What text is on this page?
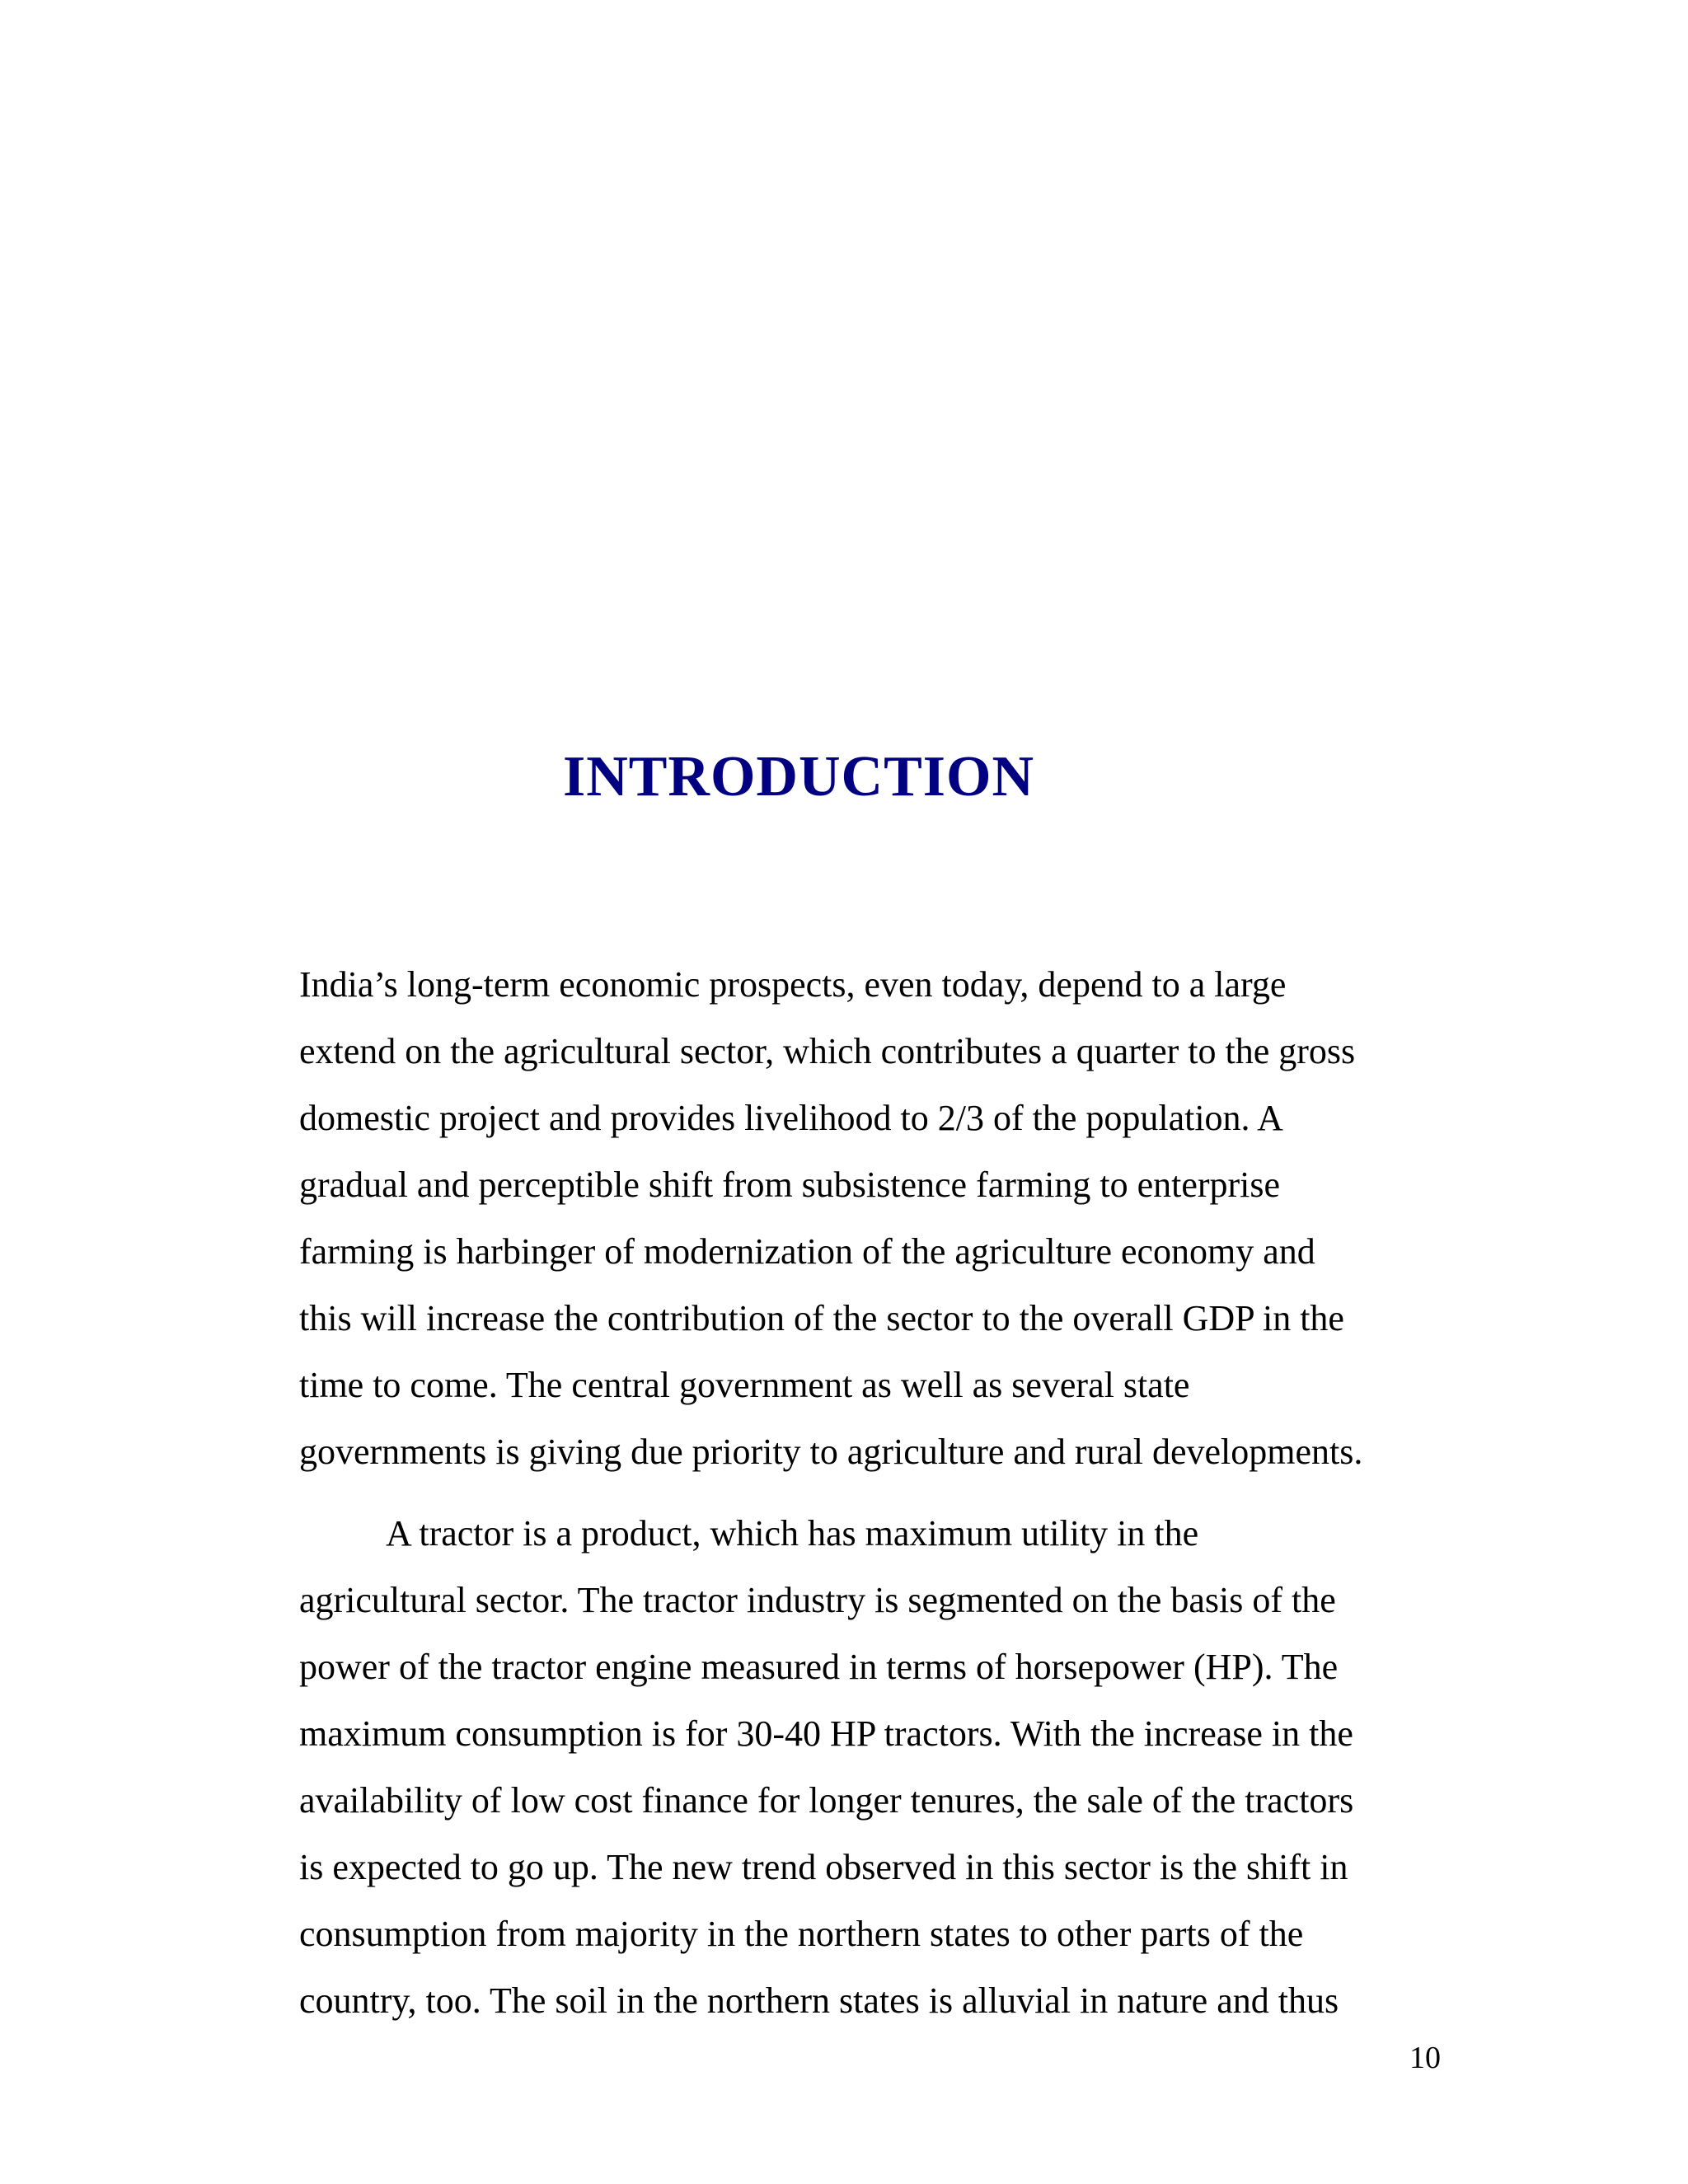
INTRODUCTION

India’s long-term economic prospects, even today, depend to a large
extend on the agricultural sector, which contributes a quarter to the gross
domestic project and provides livelihood to 2/3 of the population. A
gradual and perceptible shift from subsistence farming to enterprise
farming is harbinger of modernization of the agriculture economy and
this will increase the contribution of the sector to the overall GDP in the
time to come. The central government as well as several state
governments is giving due priority to agriculture and rural developments.

A tractor is a product, which has maximum utility in the
agricultural sector. The tractor industry is segmented on the basis of the
power of the tractor engine measured in terms of horsepower (HP). The
maximum consumption is for 30-40 HP tractors. With the increase in the
availability of low cost finance for longer tenures, the sale of the tractors
is expected to go up. The new trend observed in this sector is the shift in
consumption from majority in the northern states to other parts of the
country, too. The soil in the northern states is alluvial in nature and thus

10
